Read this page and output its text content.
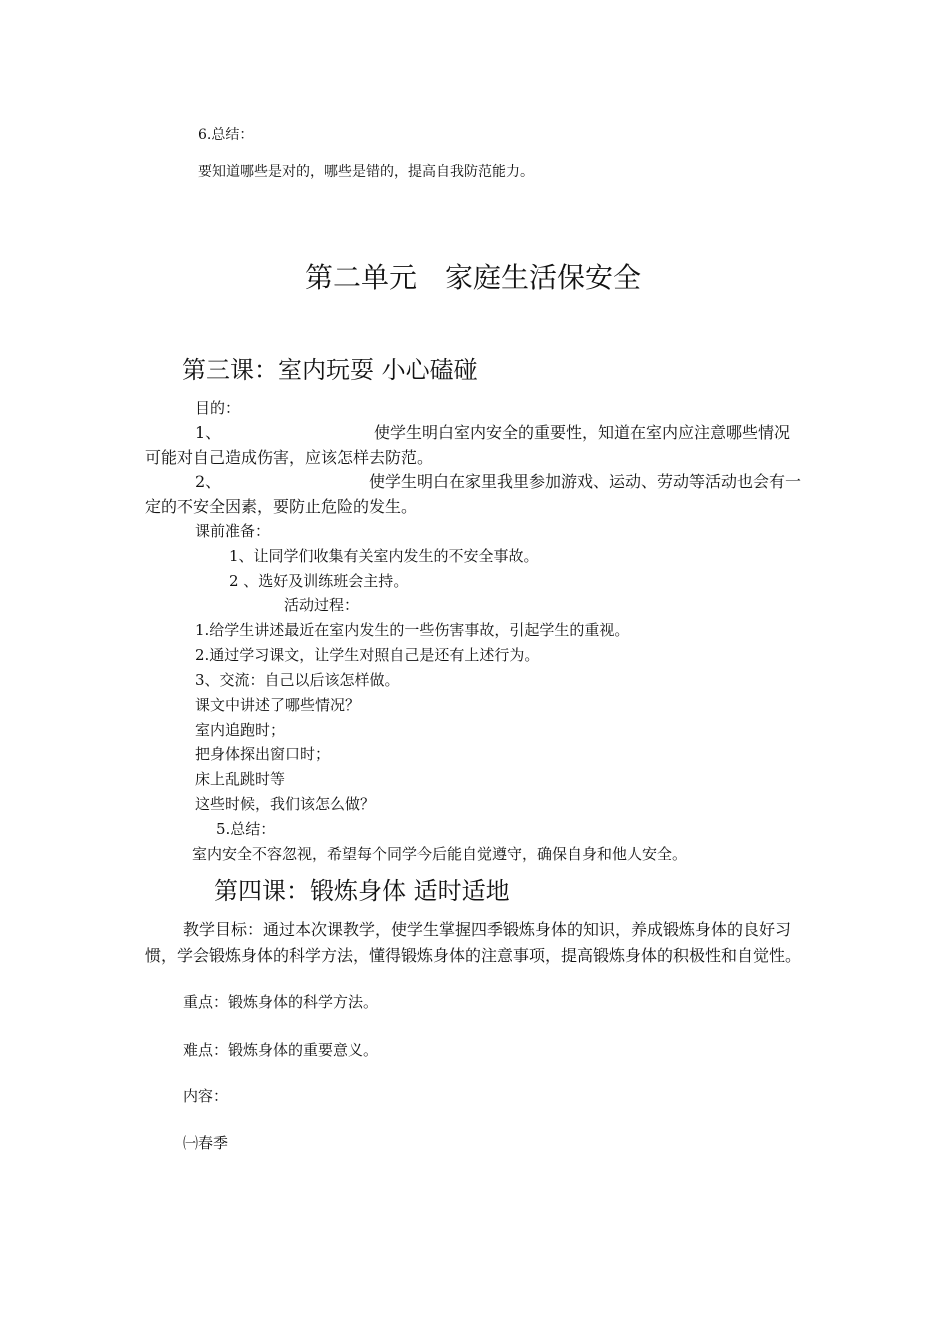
6.总结：
要知道哪些是对的，哪些是错的，提高自我防范能力。
第二单元　家庭生活保安全
第三课：室内玩耍 小心磕碰
目的：
1、	使学生明白室内安全的重要性，知道在室内应注意哪些情况
可能对自己造成伤害，应该怎样去防范。
2、	使学生明白在家里我里参加游戏、运动、劳动等活动也会有一
定的不安全因素，要防止危险的发生。
课前准备：
1、让同学们收集有关室内发生的不安全事故。
2 、选好及训练班会主持。
活动过程：
1.给学生讲述最近在室内发生的一些伤害事故，引起学生的重视。
2.通过学习课文，让学生对照自己是还有上述行为。
3、交流：自己以后该怎样做。
课文中讲述了哪些情况？
室内追跑时；
把身体探出窗口时；
床上乱跳时等
这些时候，我们该怎么做？
5.总结：
室内安全不容忽视，希望每个同学今后能自觉遵守，确保自身和他人安全。
第四课：锻炼身体 适时适地
教学目标：通过本次课教学，使学生掌握四季锻炼身体的知识，养成锻炼身体的良好习
惯，学会锻炼身体的科学方法，懂得锻炼身体的注意事项，提高锻炼身体的积极性和自觉性。
重点：锻炼身体的科学方法。
难点：锻炼身体的重要意义。
内容：
㈠春季
